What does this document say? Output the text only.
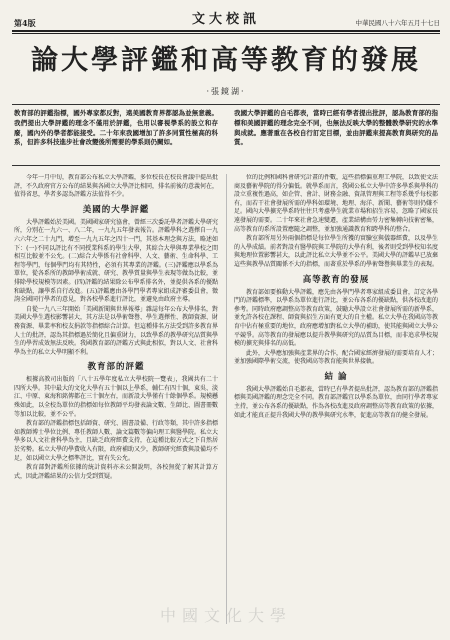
第4版	文大校訊	中華民國八十六年五月十七日
論大學評鑑和高等教育的發展
·張鏡湖·
教育部的評鑑指標，國外專家都反對，遠美國教育界都認為並無意義。我們提出大學評鑑的理念不僅用於評鑑，也用以審視學系的設立和存廢，國內外的學者都能接受。二十年來我國增加了許多同質性極高的科系，但許多科技進步社會改變後所需要的學系則仍闕如。
我國大學評鑑的自毛都表，當時已經有學者提出批評，認為教育部的指標和美國評鑑的理念完全不同，也無法反映大學的整體教學研究的水準與成就。應著重在各校自行訂定目標，並由評鑑來提高教育與研究的品質。

今年一月中旬，教育部公布私立大學評鑑，多位校長在校長會議中提出批評，不久政府官方公布的結果與各國立大學評比相同，排名前後的意義何在，值得省思，學者多認為評鑑方法值得不少。

美國的大學評鑑

大學評鑑始於美國。美國國家研究協會，曾經三次委託學者評鑑大學研究所，分別在一九六一、八二年，一九九五年發表報告。評鑑學科之選擇自一九六六年之二十九門，增至一九九五年之四十一門，其基本理念與方法，略述如下：(一)不同以評比有不同授業科系的學生大學，其綜合大學與專業學校之間相互比較並不公允。(二)綜合大學係有社會科學、人文、藝術、生命科學、工程等學門，每個學門均有其特性，必須有其專業的評鑑。(三)評鑑應以學系為單位，從各系所的教師學術成就、研究、教學質量與學生表現等做為比較，並排除學校規模等因素。(四)評鑑的結果除公布學系排名外，並提供各系的優點和缺點，讓學系自行改進。(五)評鑑應由各學門學者專家組成評審委員會，徵詢全國同行學者的意見，對各校學系進行評比，並避免由政府主導。

自從一九八三年開始「美國新聞與世界報導」雜誌每年公布大學排名，對美國大學生選校影響甚大，其方法是以學術聲譽、學生選擇性、教師資源、財務資源、畢業率和校友捐款等指標綜合計算。但這種排名方法受到許多教育界人士的批評，認為其指標過於簡化且偏重財力，以致學系的教學研究品質與學生的學習成效無法反映。我國教育部的評鑑方式與此相似，對以人文、社會科學為主的私立大學明顯不利。

教育部的評鑑

根據高教司出版的「八十五學年度私立大學校院一覽表」，我國共有二十四所大學。其中最大的文化大學有五十個以上學系，輔仁有四十個，東吳、淡江、中原、東海和銘傳都在三十個左右，而新設大學僅有十餘個學系。規模懸殊如此，以全校為單位的指標如每位教師平均發表論文數、生師比、圖書冊數等加以比較，並不公平。

教育部的評鑑指標包括師資、研究、圖書設備、行政等類，其中許多指標如教師博士學位比例、專任教師人數、論文篇數等偏向理工與醫學院。私立大學多以人文社會科學為主，且缺乏政府經費支持，在這種比較方式之下自然居於劣勢。私立大學的學費收入有限，政府補助又少，教師研究經費與設備均不足，如以國立大學之標準評比，實有失公允。

教育部對評鑑所依據的統計資料亦未公開說明，各校無從了解其計算方式，因此評鑑結果的公信力受到質疑。

位的比例和國科會研究計畫的件數，這些指標偏重理工學院，以致使文法商及藝術學院的得分偏低。就學系而言，我國公私立大學中許多學系與學科的設立重複性過高，如企管、會計、財務金融、資訊管理與工程等系幾乎每校都有，而若干社會發展所需的學科如環境、地理、海洋、新聞、藝術等則仍嫌不足。國內大學擴充學系時往往只考慮學生就業市場和招生容易，忽略了國家長遠發展的需要。二十年來社會急速變遷，產業結構由勞力密集轉向技術密集，高等教育的系所設置應隨之調整，並加強通識教育和跨學科的整合。

教育部所用另外兩個指標是每位學生所獲的實驗室與儀器經費，以及學生的入學成績。前者對設有醫學院與工學院的大學有利，後者則受到學校知名度與地理位置影響甚大，以此評比私立大學並不公平。美國大學的評鑑早已放棄這些與教學品質關係不大的指標，而著重於學系的學術聲譽與畢業生的表現。

高等教育的發展

教育部如要推動大學評鑑，應先由各學門學者專家組成委員會，訂定各學門的評鑑標準，以學系為單位進行評比，並公布各系的優缺點，供各校改進的參考。同時政府應調整高等教育政策，鼓勵大學設立社會發展所需的新學系，並允許各校在課程、師資與招生方面有更大的自主權。私立大學在我國高等教育中佔有極重要的地位，政府應增加對私立大學的補助，使其能與國立大學公平競爭。高等教育的發展應以提升教學與研究的品質為目標，而非追求學校規模的擴充與排名的高低。

此外，大學應加強與產業界的合作，配合國家經濟發展的需要培育人才；並加強國際學術交流，使我國高等教育能與世界接軌。

結 論

我國大學評鑑始自毛都表，當時已有學者提出批評，認為教育部的評鑑指標與美國評鑑的理念完全不同。教育部評鑑宜以學系為單位，由同行學者專家主持，並公布各系的優缺點，作為各校改進及政府調整高等教育政策的依據，如此才能真正提升我國大學的教學與研究水準，促進高等教育的健全發展。

中國文化大學
